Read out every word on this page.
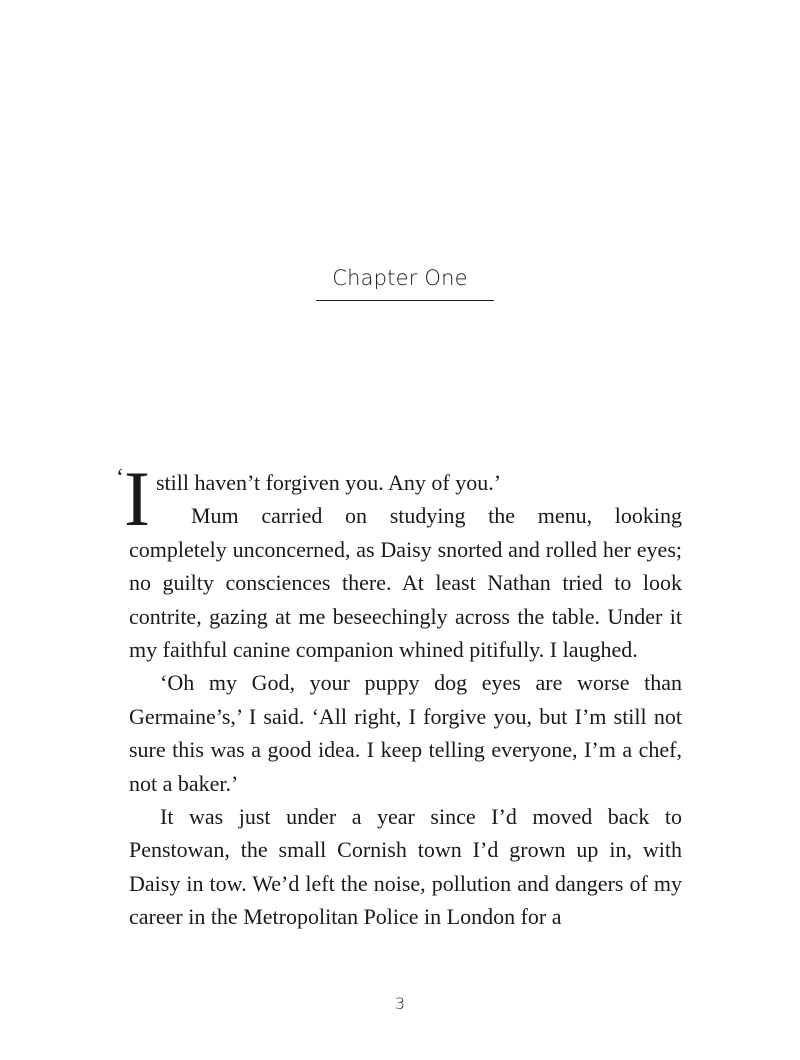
Chapter One

‘I still haven’t forgiven you. Any of you.’
Mum carried on studying the menu, looking completely unconcerned, as Daisy snorted and rolled her eyes; no guilty consciences there. At least Nathan tried to look contrite, gazing at me beseechingly across the table. Under it my faithful canine companion whined pitifully. I laughed.

‘Oh my God, your puppy dog eyes are worse than Germaine’s,’ I said. ‘All right, I forgive you, but I’m still not sure this was a good idea. I keep telling everyone, I’m a chef, not a baker.’

It was just under a year since I’d moved back to Penstowan, the small Cornish town I’d grown up in, with Daisy in tow. We’d left the noise, pollution and dangers of my career in the Metropolitan Police in London for a

3
